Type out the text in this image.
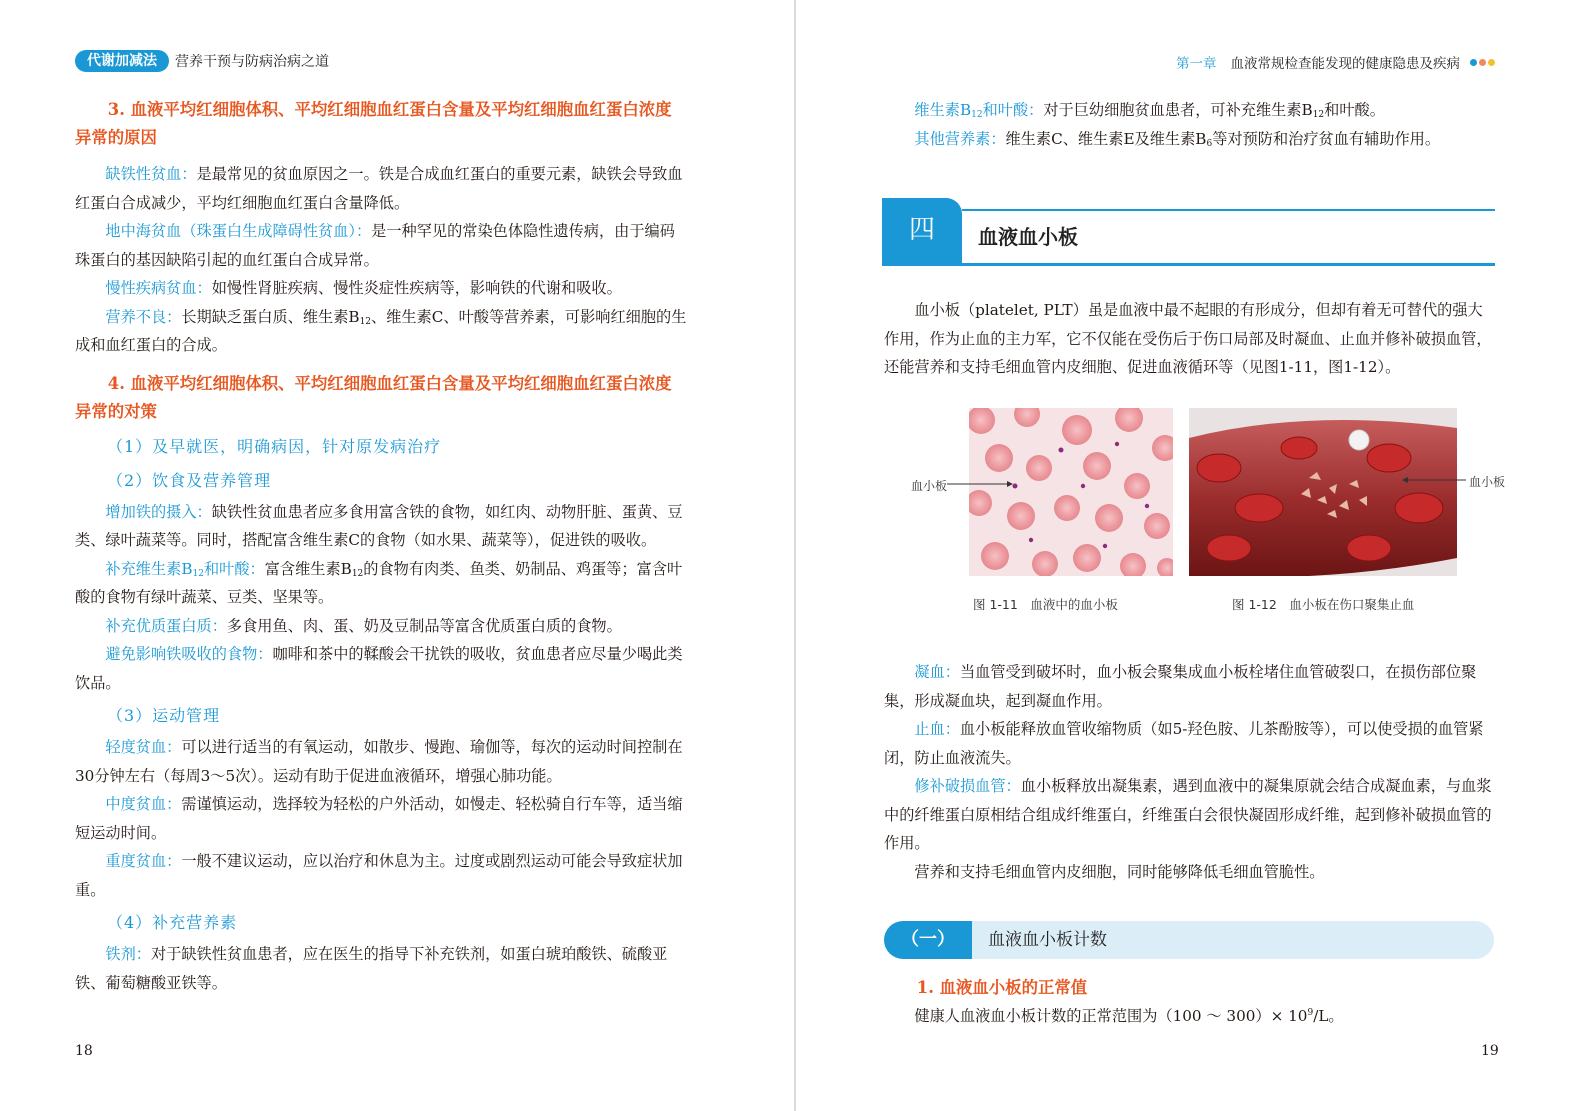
代谢加减法	营养干预与防病治病之道

3. 血液平均红细胞体积、平均红细胞血红蛋白含量及平均红细胞血红蛋白浓度异常的原因

缺铁性贫血：是最常见的贫血原因之一。铁是合成血红蛋白的重要元素，缺铁会导致血红蛋白合成减少，平均红细胞血红蛋白含量降低。

地中海贫血（珠蛋白生成障碍性贫血）：是一种罕见的常染色体隐性遗传病，由于编码珠蛋白的基因缺陷引起的血红蛋白合成异常。

慢性疾病贫血：如慢性肾脏疾病、慢性炎症性疾病等，影响铁的代谢和吸收。

营养不良：长期缺乏蛋白质、维生素$B_{12}$、维生素C、叶酸等营养素，可影响红细胞的生成和血红蛋白的合成。

4. 血液平均红细胞体积、平均红细胞血红蛋白含量及平均红细胞血红蛋白浓度异常的对策

（1）及早就医，明确病因，针对原发病治疗

（2）饮食及营养管理

增加铁的摄入：缺铁性贫血患者应多食用富含铁的食物，如红肉、动物肝脏、蛋黄、豆类、绿叶蔬菜等。同时，搭配富含维生素C的食物（如水果、蔬菜等），促进铁的吸收。

补充维生素$B_{12}$和叶酸：富含维生素$B_{12}$的食物有肉类、鱼类、奶制品、鸡蛋等；富含叶酸的食物有绿叶蔬菜、豆类、坚果等。

补充优质蛋白质：多食用鱼、肉、蛋、奶及豆制品等富含优质蛋白质的食物。

避免影响铁吸收的食物：咖啡和茶中的鞣酸会干扰铁的吸收，贫血患者应尽量少喝此类饮品。

（3）运动管理

轻度贫血：可以进行适当的有氧运动，如散步、慢跑、瑜伽等，每次的运动时间控制在30分钟左右（每周3～5次）。运动有助于促进血液循环，增强心肺功能。

中度贫血：需谨慎运动，选择较为轻松的户外活动，如慢走、轻松骑自行车等，适当缩短运动时间。

重度贫血：一般不建议运动，应以治疗和休息为主。过度或剧烈运动可能会导致症状加重。

（4）补充营养素

铁剂：对于缺铁性贫血患者，应在医生的指导下补充铁剂，如蛋白琥珀酸铁、硫酸亚铁、葡萄糖酸亚铁等。

18
第一章 血液常规检查能发现的健康隐患及疾病

维生素$B_{12}$和叶酸：对于巨幼细胞贫血患者，可补充维生素$B_{12}$和叶酸。

其他营养素：维生素C、维生素E及维生素$B_6$等对预防和治疗贫血有辅助作用。

四	血液血小板

血小板（platelet, PLT）虽是血液中最不起眼的有形成分，但却有着无可替代的强大作用，作为止血的主力军，它不仅能在受伤后于伤口局部及时凝血、止血并修补破损血管，还能营养和支持毛细血管内皮细胞、促进血液循环等（见图1-11，图1-12）。

血小板
图 1-11　血液中的血小板
血小板
图 1-12　血小板在伤口聚集止血

凝血：当血管受到破坏时，血小板会聚集成血小板栓堵住血管破裂口，在损伤部位聚集，形成凝血块，起到凝血作用。

止血：血小板能释放血管收缩物质（如5-羟色胺、儿茶酚胺等），可以使受损的血管紧闭，防止血液流失。

修补破损血管：血小板释放出凝集素，遇到血液中的凝集原就会结合成凝血素，与血浆中的纤维蛋白原相结合组成纤维蛋白，纤维蛋白会很快凝固形成纤维，起到修补破损血管的作用。

营养和支持毛细血管内皮细胞，同时能够降低毛细血管脆性。

（一）	血液血小板计数

1. 血液血小板的正常值

健康人血液血小板计数的正常范围为（100 ～ $300)\times 10^9/L$。

19
